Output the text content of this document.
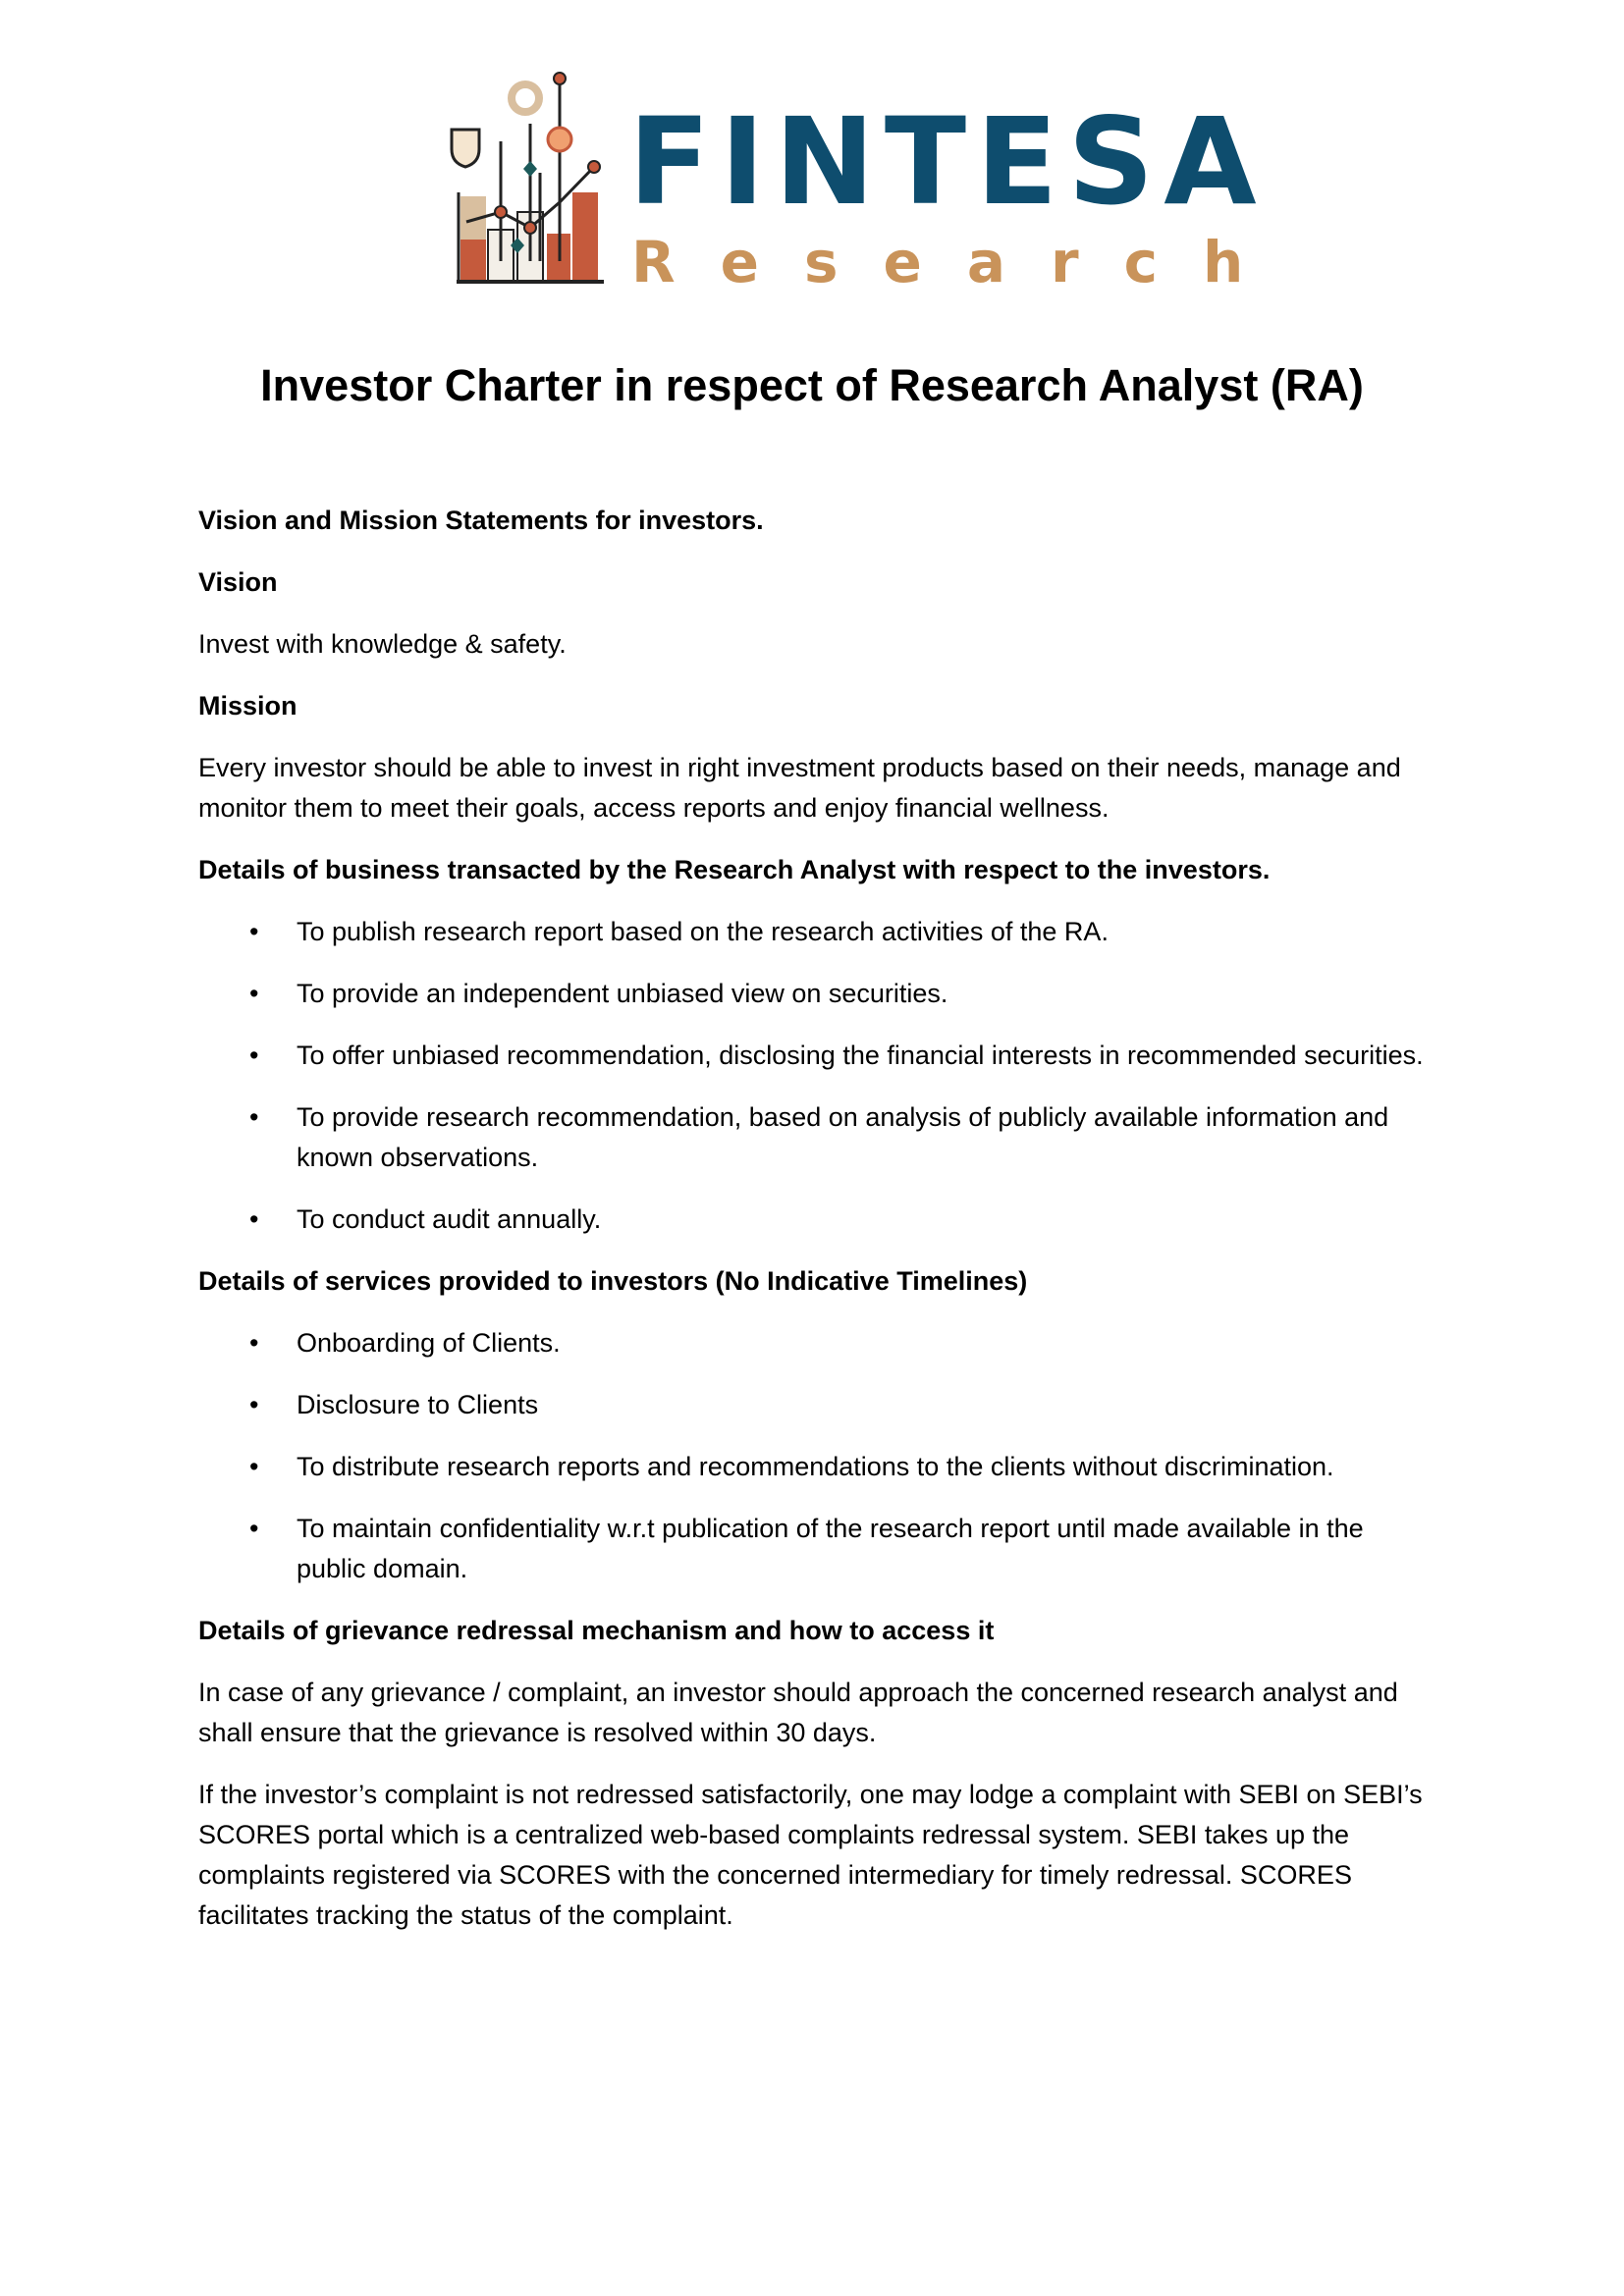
FINTESA
Research
Investor Charter in respect of Research Analyst (RA)

Vision and Mission Statements for investors.

Vision

Invest with knowledge & safety.

Mission

Every investor should be able to invest in right investment products based on their needs, manage and monitor them to meet their goals, access reports and enjoy financial wellness.

Details of business transacted by the Research Analyst with respect to the investors.

• To publish research report based on the research activities of the RA.
• To provide an independent unbiased view on securities.
• To offer unbiased recommendation, disclosing the financial interests in recommended securities.
• To provide research recommendation, based on analysis of publicly available information and known observations.
• To conduct audit annually.

Details of services provided to investors (No Indicative Timelines)

• Onboarding of Clients.
• Disclosure to Clients
• To distribute research reports and recommendations to the clients without discrimination.
• To maintain confidentiality w.r.t publication of the research report until made available in the public domain.

Details of grievance redressal mechanism and how to access it

In case of any grievance / complaint, an investor should approach the concerned research analyst and shall ensure that the grievance is resolved within 30 days.

If the investor’s complaint is not redressed satisfactorily, one may lodge a complaint with SEBI on SEBI’s SCORES portal which is a centralized web-based complaints redressal system. SEBI takes up the complaints registered via SCORES with the concerned intermediary for timely redressal. SCORES facilitates tracking the status of the complaint.
